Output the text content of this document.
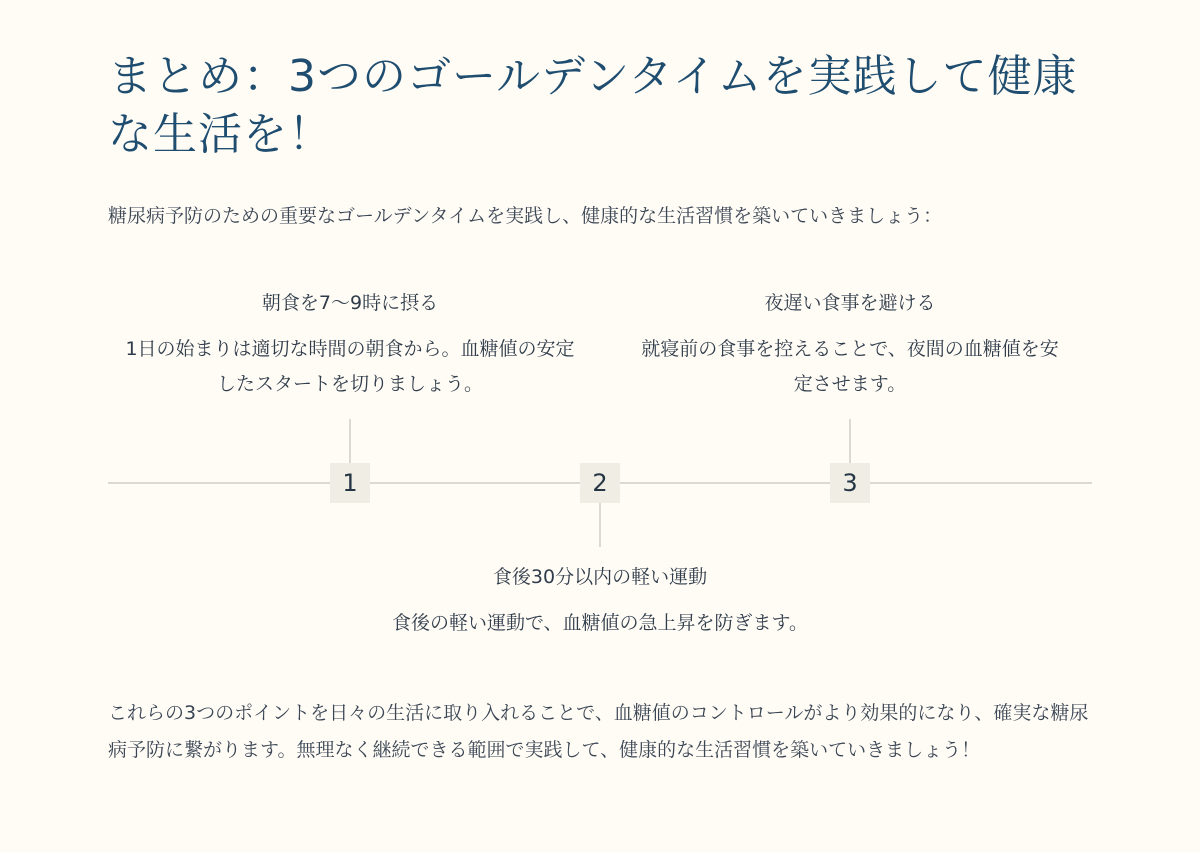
まとめ：3つのゴールデンタイムを実践して健康な生活を！

糖尿病予防のための重要なゴールデンタイムを実践し、健康的な生活習慣を築いていきましょう：

1	2	3

朝食を7〜9時に摂る

1日の始まりは適切な時間の朝食から。血糖値の安定したスタートを切りましょう。

食後30分以内の軽い運動

食後の軽い運動で、血糖値の急上昇を防ぎます。

夜遅い食事を避ける

就寝前の食事を控えることで、夜間の血糖値を安定させます。

これらの3つのポイントを日々の生活に取り入れることで、血糖値のコントロールがより効果的になり、確実な糖尿病予防に繋がります。無理なく継続できる範囲で実践して、健康的な生活習慣を築いていきましょう！
